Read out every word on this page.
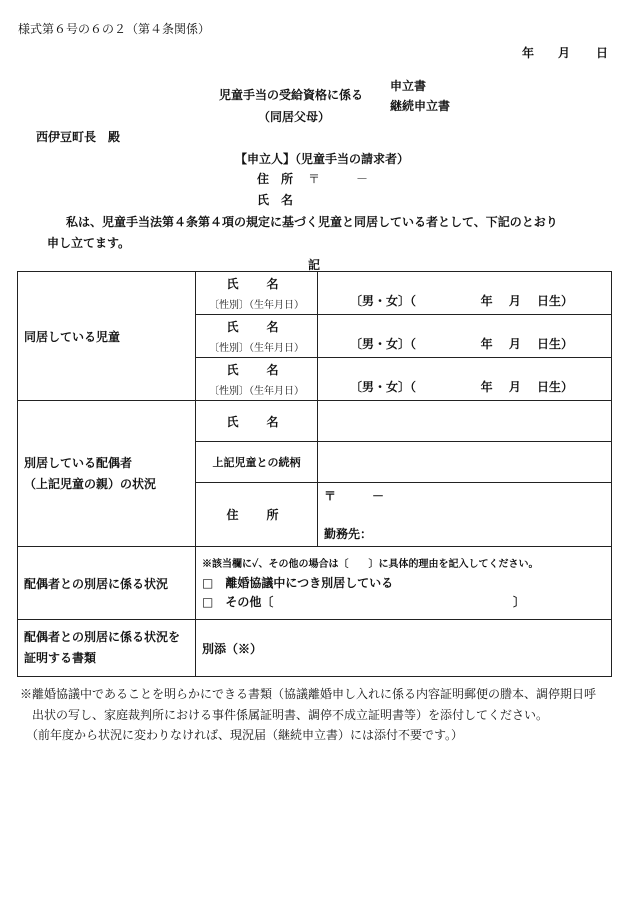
様式第６号の６の２（第４条関係）
年 月 日
児童手当の受給資格に係る
申立書
継続申立書
（同居父母）
西伊豆町長　殿
【申立人】（児童手当の請求者）
住　所 〒　　　－
氏　名
私は、児童手当法第４条第４項の規定に基づく児童と同居している者として、下記のとおり
申し立てます。
記
同居している児童	氏　名
〔性別〕（生年月日）	〔男・女〕（ 年　 月　 日生）

	氏　名
〔性別〕（生年月日）	〔男・女〕（ 年　 月　 日生）

	氏　名
〔性別〕（生年月日）	〔男・女〕（ 年　 月　 日生）

別居している配偶者
（上記児童の親）の状況	氏　名	
	上記児童との続柄	
	住　所	〒　　　－
勤務先：

配偶者との別居に係る状況	※該当欄に✓、その他の場合は〔　　〕に具体的理由を記入してください。
□　離婚協議中につき別居している
□　その他〔 〕	

配偶者との別居に係る状況を
証明する書類	別添（※）	
※離婚協議中であることを明らかにできる書類（協議離婚申し入れに係る内容証明郵便の謄本、調停期日呼
　出状の写し、家庭裁判所における事件係属証明書、調停不成立証明書等）を添付してください。
　（前年度から状況に変わりなければ、現況届（継続申立書）には添付不要です。）
